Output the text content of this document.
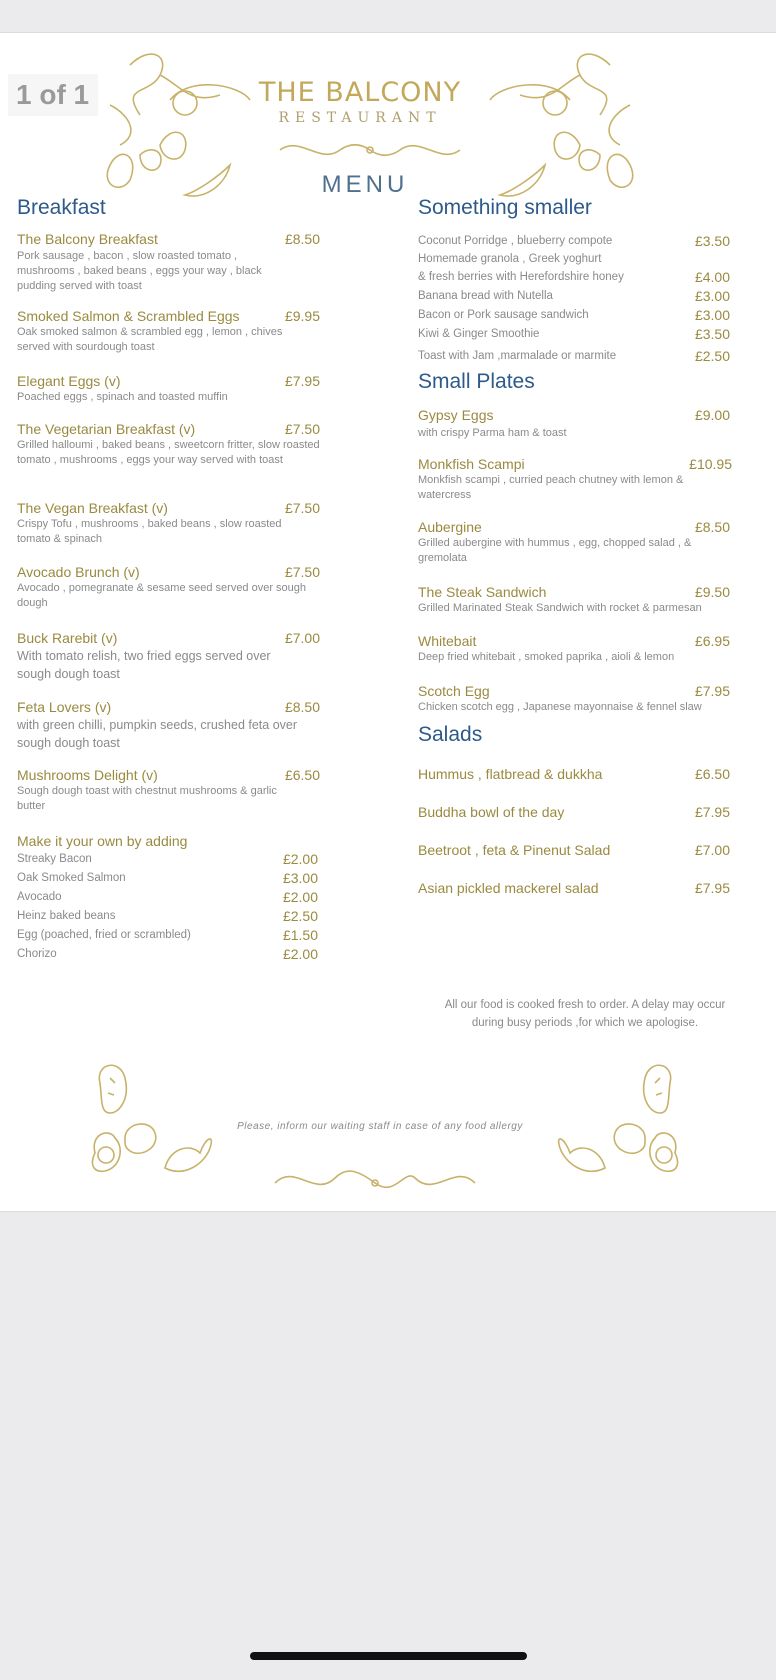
THE BALCONY
RESTAURANT
MENU
Breakfast
The Balcony Breakfast	£8.50
Pork sausage , bacon , slow roasted tomato , mushrooms , baked beans , eggs your way , black pudding served with toast
Smoked Salmon & Scrambled Eggs	£9.95
Oak smoked salmon & scrambled egg , lemon , chives served with sourdough toast
Elegant Eggs (v)	£7.95
Poached eggs , spinach and toasted muffin
The Vegetarian Breakfast (v)	£7.50
Grilled halloumi , baked beans , sweetcorn fritter, slow roasted tomato , mushrooms , eggs your way served with toast
The Vegan Breakfast (v)	£7.50
Crispy Tofu , mushrooms , baked beans , slow roasted tomato & spinach
Avocado Brunch (v)	£7.50
Avocado , pomegranate & sesame seed served over sough dough
Buck Rarebit (v)	£7.00
With tomato relish, two fried eggs served over sough dough toast
Feta Lovers (v)	£8.50
with green chilli, pumpkin seeds, crushed feta over sough dough toast
Mushrooms Delight (v)	£6.50
Sough dough toast with chestnut mushrooms & garlic butter
Make it your own by adding
Streaky Bacon	£2.00
Oak Smoked Salmon	£3.00
Avocado	£2.00
Heinz baked beans	£2.50
Egg (poached, fried or scrambled)	£1.50
Chorizo	£2.00
Something smaller
Coconut Porridge , blueberry compote	£3.50
Homemade granola , Greek yoghurt
& fresh berries with Herefordshire honey	£4.00
Banana bread with Nutella	£3.00
Bacon or Pork sausage sandwich	£3.00
Kiwi & Ginger Smoothie	£3.50
Toast with Jam ,marmalade or marmite	£2.50
Small Plates
Gypsy Eggs	£9.00
with crispy Parma ham & toast
Monkfish Scampi	£10.95
Monkfish scampi , curried peach chutney with lemon & watercress
Aubergine	£8.50
Grilled aubergine with hummus , egg, chopped salad , & gremolata
The Steak Sandwich	£9.50
Grilled Marinated Steak Sandwich with rocket & parmesan
Whitebait	£6.95
Deep fried whitebait , smoked paprika , aioli & lemon
Scotch Egg	£7.95
Chicken scotch egg , Japanese mayonnaise & fennel slaw
Salads
Hummus , flatbread & dukkha	£6.50
Buddha bowl of the day	£7.95
Beetroot , feta & Pinenut Salad	£7.00
Asian pickled mackerel salad	£7.95
All our food is cooked fresh to order. A delay may occur
during busy periods ,for which we apologise.
Please, inform our waiting staff in case of any food allergy
1 of 1
